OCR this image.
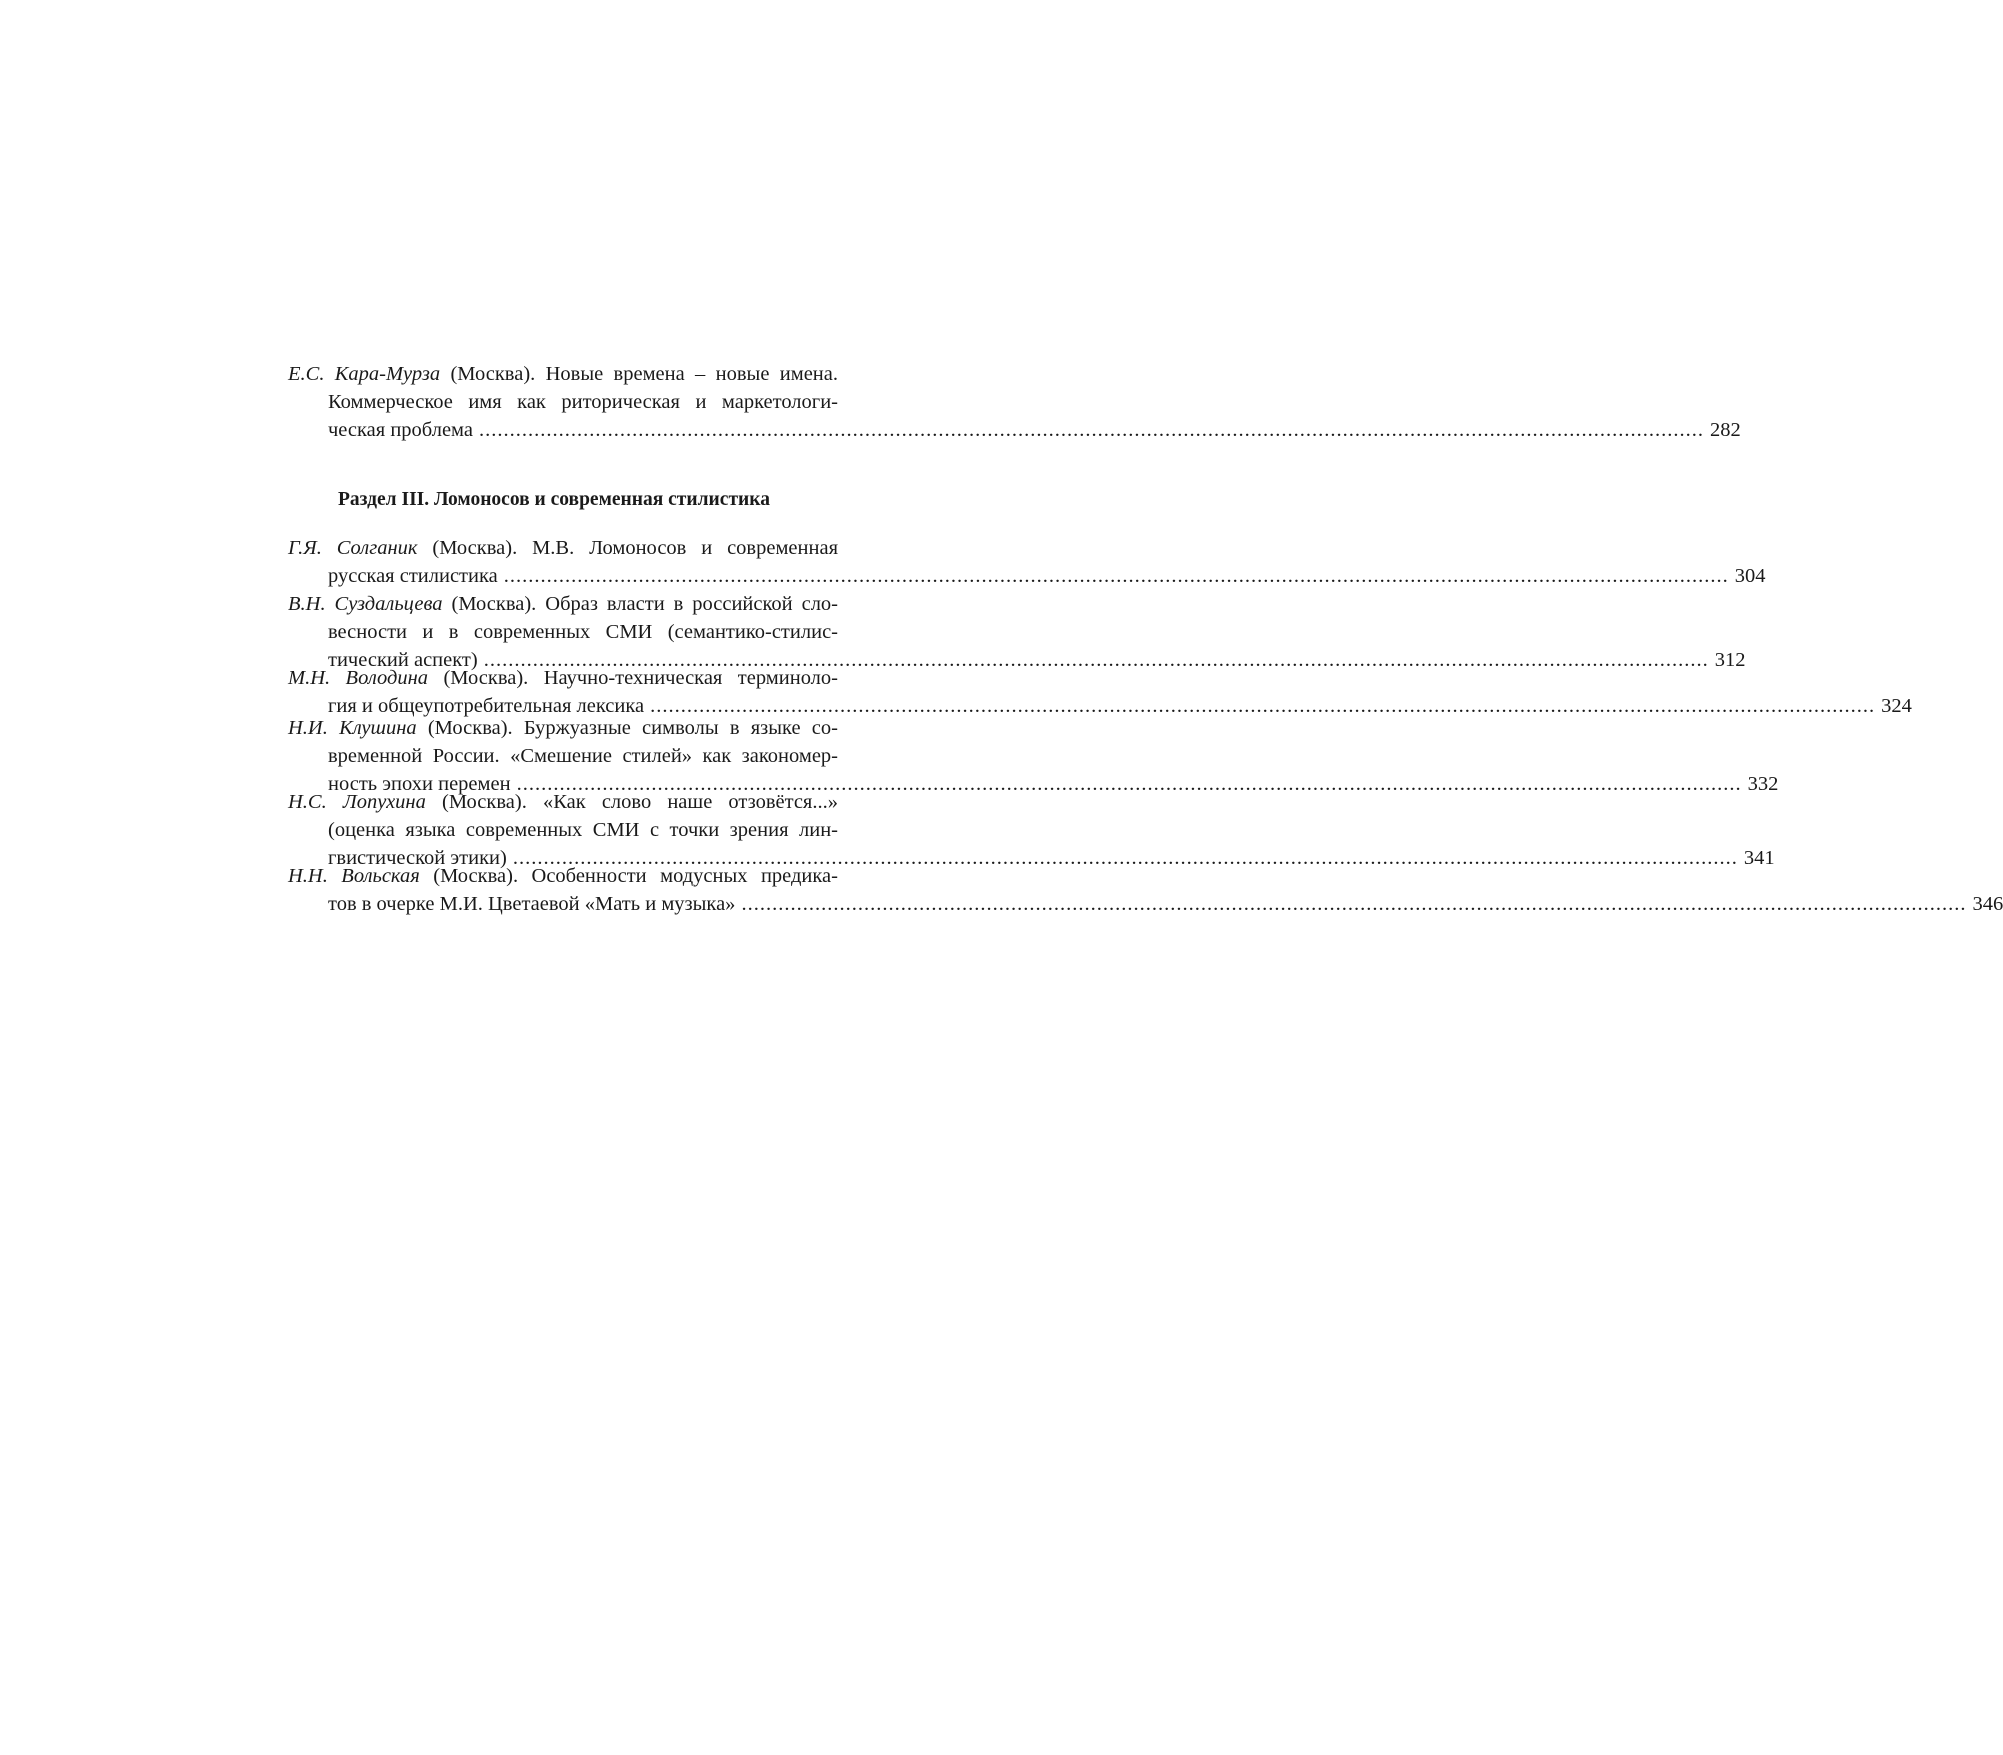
Е.С. Кара-Мурза (Москва). Новые времена – новые имена.
Коммерческое имя как риторическая и маркетологи-
ческая проблема ........................................................................................................................................................................................................ 282
Раздел III. Ломоносов и современная стилистика
Г.Я. Солганик (Москва). М.В. Ломоносов и современная
русская стилистика ........................................................................................................................................................................................................ 304
В.Н. Суздальцева (Москва). Образ власти в российской сло-
весности и в современных СМИ (семантико-стилис-
тический аспект) ........................................................................................................................................................................................................ 312
М.Н. Володина (Москва). Научно-техническая терминоло-
гия и общеупотребительная лексика ........................................................................................................................................................................................................ 324
Н.И. Клушина (Москва). Буржуазные символы в языке со-
временной России. «Смешение стилей» как закономер-
ность эпохи перемен ........................................................................................................................................................................................................ 332
Н.С. Лопухина (Москва). «Как слово наше отзовётся...»
(оценка языка современных СМИ с точки зрения лин-
гвистической этики) ........................................................................................................................................................................................................ 341
Н.Н. Вольская (Москва). Особенности модусных предика-
тов в очерке М.И. Цветаевой «Мать и музыка» ........................................................................................................................................................................................................ 346
